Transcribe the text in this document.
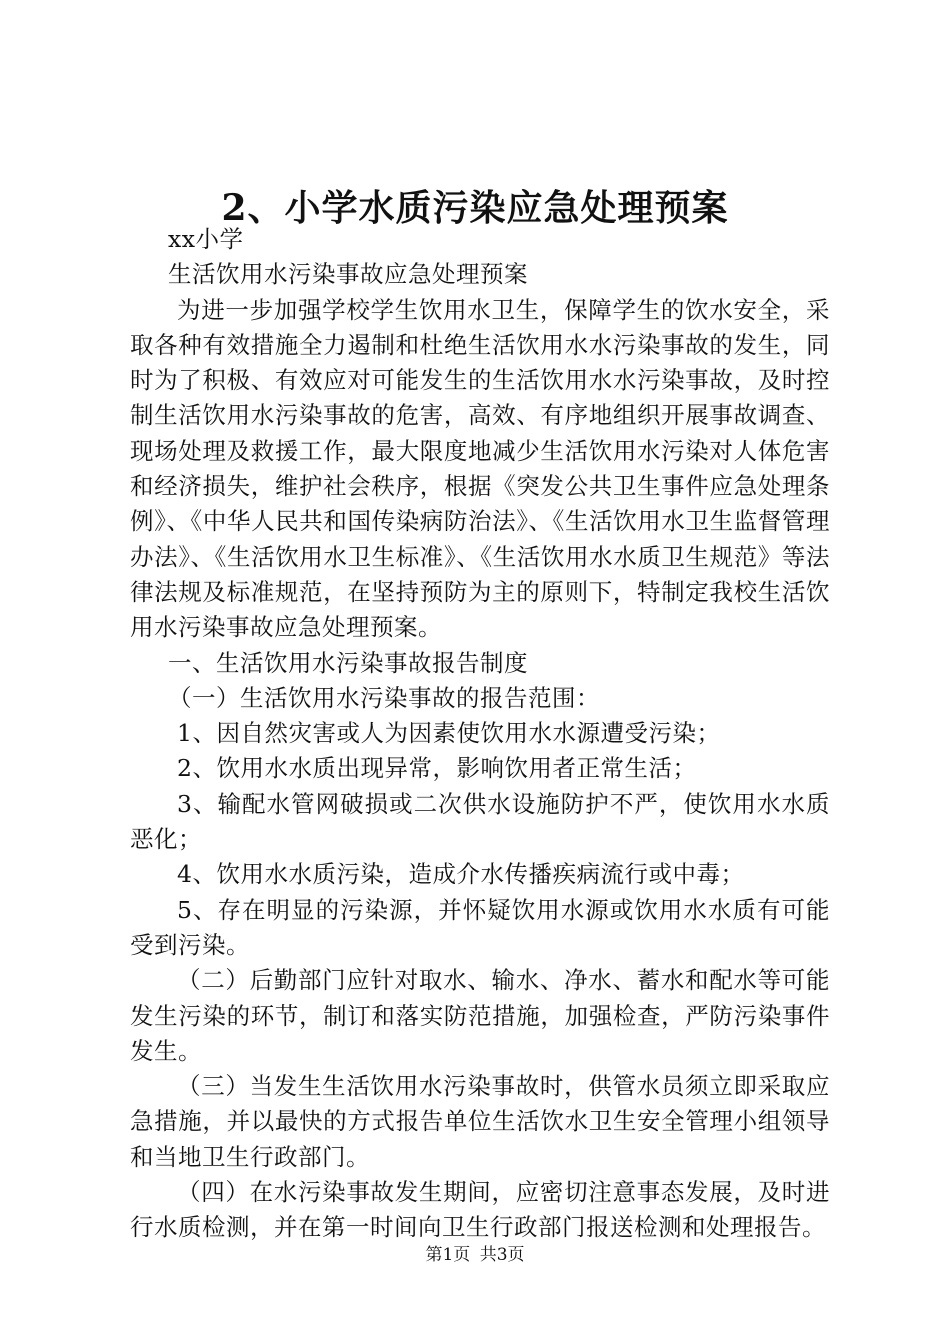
2、小学水质污染应急处理预案

xx小学

生活饮用水污染事故应急处理预案

为进一步加强学校学生饮用水卫生，保障学生的饮水安全，采取各种有效措施全力遏制和杜绝生活饮用水水污染事故的发生，同时为了积极、有效应对可能发生的生活饮用水水污染事故，及时控制生活饮用水污染事故的危害，高效、有序地组织开展事故调查、现场处理及救援工作，最大限度地减少生活饮用水污染对人体危害和经济损失，维护社会秩序，根据《突发公共卫生事件应急处理条例》、《中华人民共和国传染病防治法》、《生活饮用水卫生监督管理办法》、《生活饮用水卫生标准》、《生活饮用水水质卫生规范》等法律法规及标准规范，在坚持预防为主的原则下，特制定我校生活饮用水污染事故应急处理预案。

一、生活饮用水污染事故报告制度

（一）生活饮用水污染事故的报告范围：

1、因自然灾害或人为因素使饮用水水源遭受污染；

2、饮用水水质出现异常，影响饮用者正常生活；

3、输配水管网破损或二次供水设施防护不严，使饮用水水质恶化；

4、饮用水水质污染，造成介水传播疾病流行或中毒；

5、存在明显的污染源，并怀疑饮用水源或饮用水水质有可能受到污染。

（二）后勤部门应针对取水、输水、净水、蓄水和配水等可能发生污染的环节，制订和落实防范措施，加强检查，严防污染事件发生。

（三）当发生生活饮用水污染事故时，供管水员须立即采取应急措施，并以最快的方式报告单位生活饮水卫生安全管理小组领导和当地卫生行政部门。

（四）在水污染事故发生期间，应密切注意事态发展，及时进行水质检测，并在第一时间向卫生行政部门报送检测和处理报告。

第1页 共3页
